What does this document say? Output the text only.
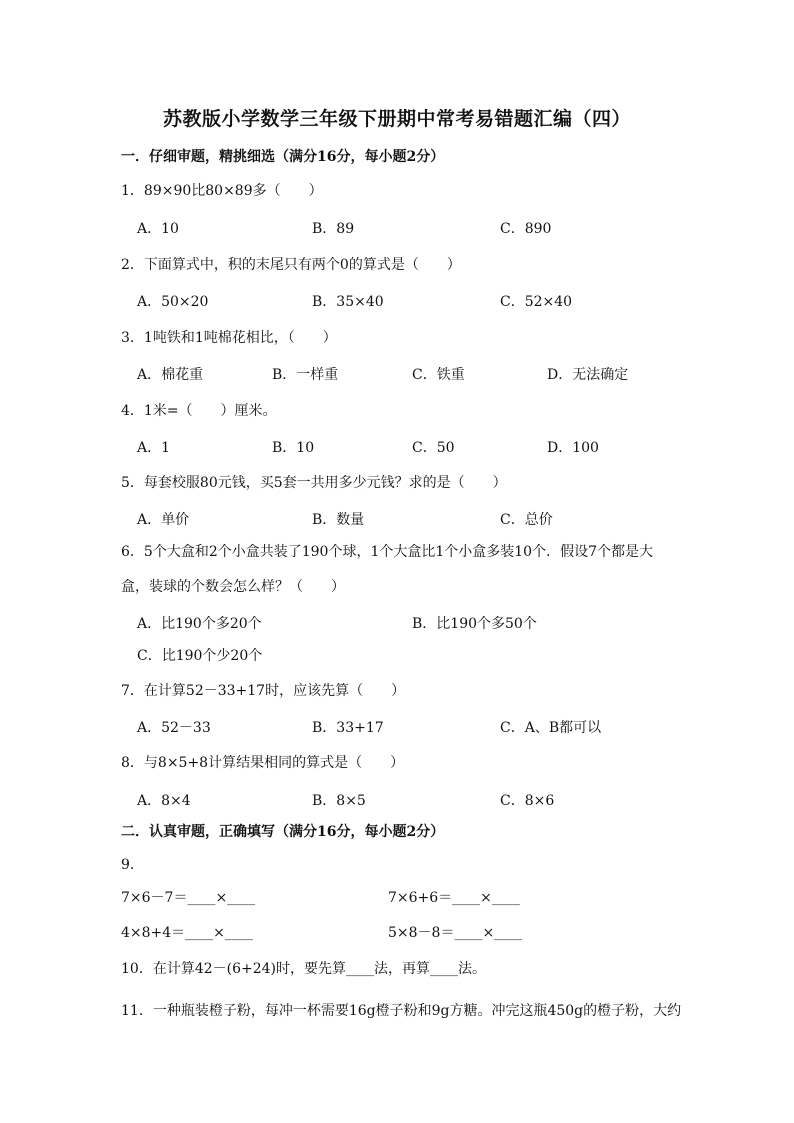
苏教版小学数学三年级下册期中常考易错题汇编（四）
一．仔细审题，精挑细选（满分16分，每小题2分）
1．89×90比80×89多（　　）
A．10	B．89	C．890
2．下面算式中，积的末尾只有两个0的算式是（　　）
A．50×20	B．35×40	C．52×40
3．1吨铁和1吨棉花相比，（　　）
A．棉花重	B．一样重	C．铁重	D．无法确定
4．1米=（　　）厘米。
A．1	B．10	C．50	D．100
5．每套校服80元钱，买5套一共用多少元钱？求的是（　　）
A．单价	B．数量	C．总价
6．5个大盒和2个小盒共装了190个球，1个大盒比1个小盒多装10个．假设7个都是大
盒，装球的个数会怎么样？（　　）
A．比190个多20个	B．比190个多50个
C．比190个少20个
7．在计算52－33+17时，应该先算（　　）
A．52－33	B．33+17	C．A、B都可以
8．与8×5+8计算结果相同的算式是（　　）
A．8×4	B．8×5	C．8×6
二．认真审题，正确填写（满分16分，每小题2分）
9．
7×6－7＝____×____	7×6+6＝____×____
4×8+4＝____×____	5×8－8＝____×____
10．在计算42－(6+24)时，要先算____法，再算____法。
11．一种瓶装橙子粉，每冲一杯需要16g橙子粉和9g方糖。冲完这瓶450g的橙子粉，大约
